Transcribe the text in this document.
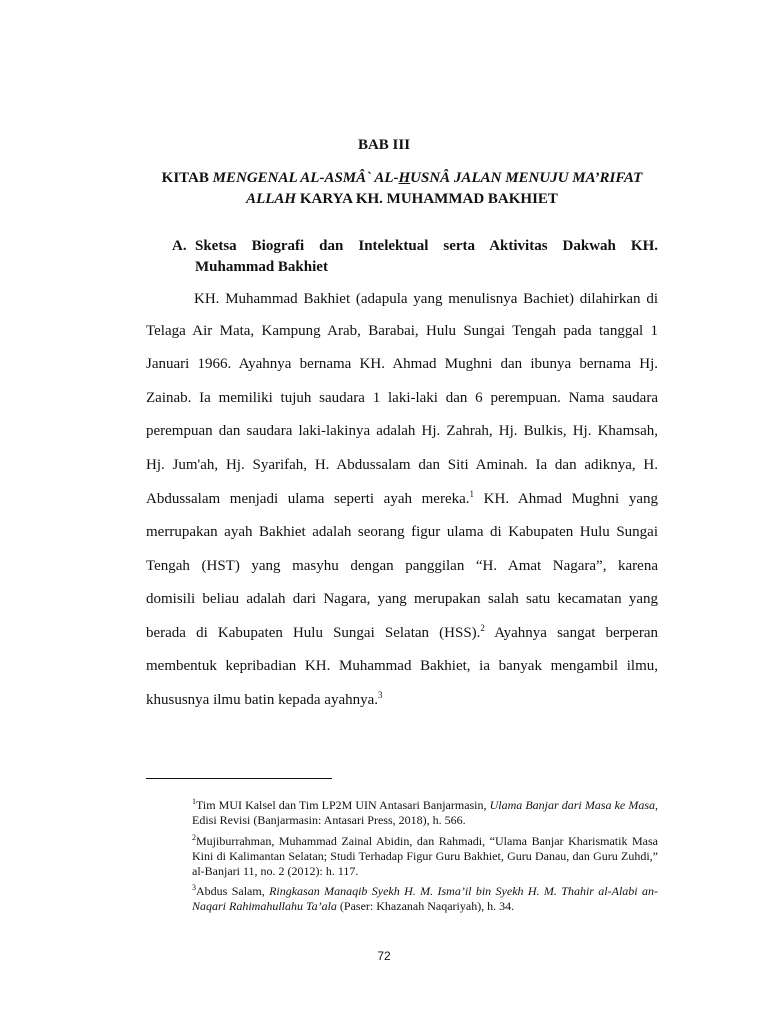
BAB III
KITAB MENGENAL AL-ASMÂ` AL-HUSNÂ JALAN MENUJU MA’RIFAT
ALLAH KARYA KH. MUHAMMAD BAKHIET
A. Sketsa Biografi dan Intelektual serta Aktivitas Dakwah KH. Muhammad Bakhiet
KH. Muhammad Bakhiet (adapula yang menulisnya Bachiet) dilahirkan di
Telaga Air Mata, Kampung Arab, Barabai, Hulu Sungai Tengah pada tanggal 1
Januari 1966. Ayahnya bernama KH. Ahmad Mughni dan ibunya bernama Hj.
Zainab. Ia memiliki tujuh saudara 1 laki-laki dan 6 perempuan. Nama saudara
perempuan dan saudara laki-lakinya adalah Hj. Zahrah, Hj. Bulkis, Hj. Khamsah,
Hj. Jum'ah, Hj. Syarifah, H. Abdussalam dan Siti Aminah. Ia dan adiknya, H.
Abdussalam menjadi ulama seperti ayah mereka.$^1$ KH. Ahmad Mughni yang
merrupakan ayah Bakhiet adalah seorang figur ulama di Kabupaten Hulu Sungai
Tengah (HST) yang masyhu dengan panggilan “H. Amat Nagara”, karena
domisili beliau adalah dari Nagara, yang merupakan salah satu kecamatan yang
berada di Kabupaten Hulu Sungai Selatan (HSS).$^2$ Ayahnya sangat berperan
membentuk kepribadian KH. Muhammad Bakhiet, ia banyak mengambil ilmu,
khususnya ilmu batin kepada ayahnya.$^3$
$^1$Tim MUI Kalsel dan Tim LP2M UIN Antasari Banjarmasin, Ulama Banjar dari Masa ke Masa, Edisi Revisi (Banjarmasin: Antasari Press, 2018), h. 566.
$^2$Mujiburrahman, Muhammad Zainal Abidin, dan Rahmadi, “Ulama Banjar Kharismatik Masa Kini di Kalimantan Selatan; Studi Terhadap Figur Guru Bakhiet, Guru Danau, dan Guru Zuhdi,” al-Banjari 11, no. 2 (2012): h. 117.
$^3$Abdus Salam, Ringkasan Manaqib Syekh H. M. Isma’il bin Syekh H. M. Thahir al-Alabi an-Naqari Rahimahullahu Ta’ala (Paser: Khazanah Naqariyah), h. 34.
72
